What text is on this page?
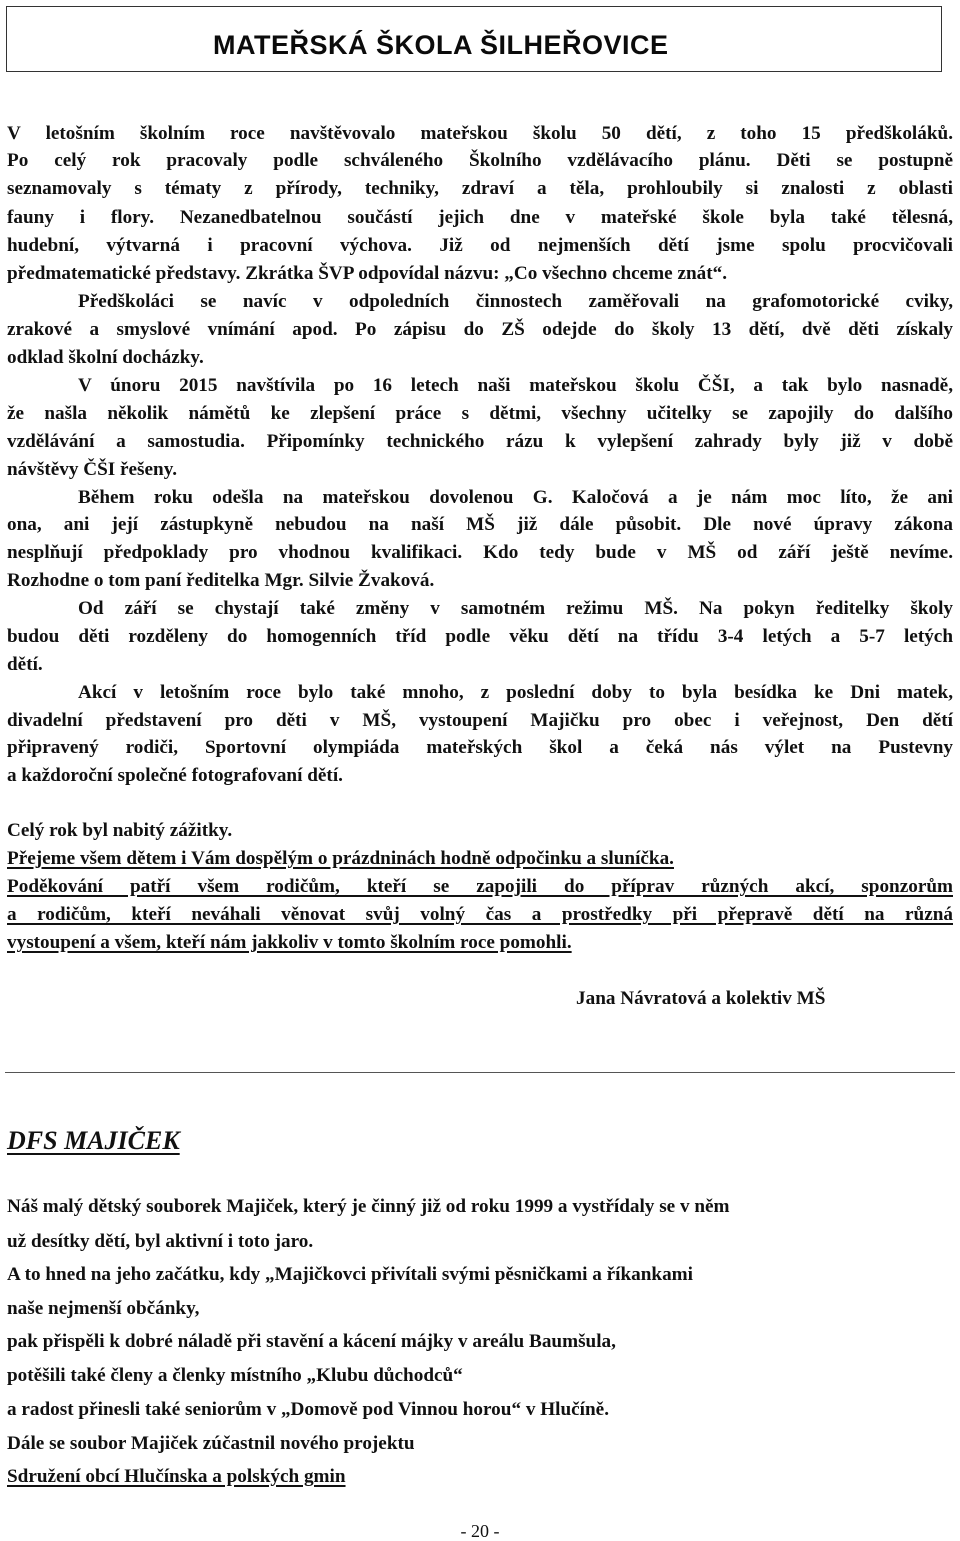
MATEŘSKÁ ŠKOLA ŠILHEŘOVICE
V letošním školním roce navštěvovalo mateřskou školu 50 dětí, z toho 15 předškoláků.
Po celý rok pracovaly podle schváleného Školního vzdělávacího plánu. Děti se postupně
seznamovaly s tématy z přírody, techniky, zdraví a těla, prohloubily si znalosti z oblasti
fauny i flory. Nezanedbatelnou součástí jejich dne v mateřské škole byla také tělesná,
hudební, výtvarná i pracovní výchova. Již od nejmenších dětí jsme spolu procvičovali
předmatematické představy. Zkrátka ŠVP odpovídal názvu: „Co všechno chceme znát“.
Předškoláci se navíc v odpoledních činnostech zaměřovali na grafomotorické cviky,
zrakové a smyslové vnímání apod. Po zápisu do ZŠ odejde do školy 13 dětí, dvě děti získaly
odklad školní docházky.
V únoru 2015 navštívila po 16 letech naši mateřskou školu ČŠI, a tak bylo nasnadě,
že našla několik námětů ke zlepšení práce s dětmi, všechny učitelky se zapojily do dalšího
vzdělávání a samostudia. Připomínky technického rázu k vylepšení zahrady byly již v době
návštěvy ČŠI řešeny.
Během roku odešla na mateřskou dovolenou G. Kaločová a je nám moc líto, že ani
ona, ani její zástupkyně nebudou na naší MŠ již dále působit. Dle nové úpravy zákona
nesplňují předpoklady pro vhodnou kvalifikaci. Kdo tedy bude v MŠ od září ještě nevíme.
Rozhodne o tom paní ředitelka Mgr. Silvie Žvaková.
Od září se chystají také změny v samotném režimu MŠ. Na pokyn ředitelky školy
budou děti rozděleny do homogenních tříd podle věku dětí na třídu 3-4 letých a 5-7 letých
dětí.
Akcí v letošním roce bylo také mnoho, z poslední doby to byla besídka ke Dni matek,
divadelní představení pro děti v MŠ, vystoupení Majičku pro obec i veřejnost, Den dětí
připravený rodiči, Sportovní olympiáda mateřských škol a čeká nás výlet na Pustevny
a každoroční společné fotografovaní dětí.
Celý rok byl nabitý zážitky.
Přejeme všem dětem i Vám dospělým o prázdninách hodně odpočinku a sluníčka.
Poděkování patří všem rodičům, kteří se zapojili do příprav různých akcí, sponzorům
a rodičům, kteří neváhali věnovat svůj volný čas a prostředky při přepravě dětí na různá
vystoupení a všem, kteří nám jakkoliv v tomto školním roce pomohli.
Jana Návratová a kolektiv MŠ
DFS MAJIČEK
Náš malý dětský souborek Majiček, který je činný již od roku 1999 a vystřídaly se v něm
už desítky dětí, byl aktivní i toto jaro.
A to hned na jeho začátku, kdy „Majičkovci přivítali svými pěsničkami a říkankami
naše nejmenší občánky,
pak přispěli k dobré náladě při stavění a kácení májky v areálu Baumšula,
potěšili také členy a členky místního „Klubu důchodců“
a radost přinesli také seniorům v „Domově pod Vinnou horou“ v Hlučíně.
Dále se soubor Majiček zúčastnil nového projektu
Sdružení obcí Hlučínska a polských gmin
- 20 -
